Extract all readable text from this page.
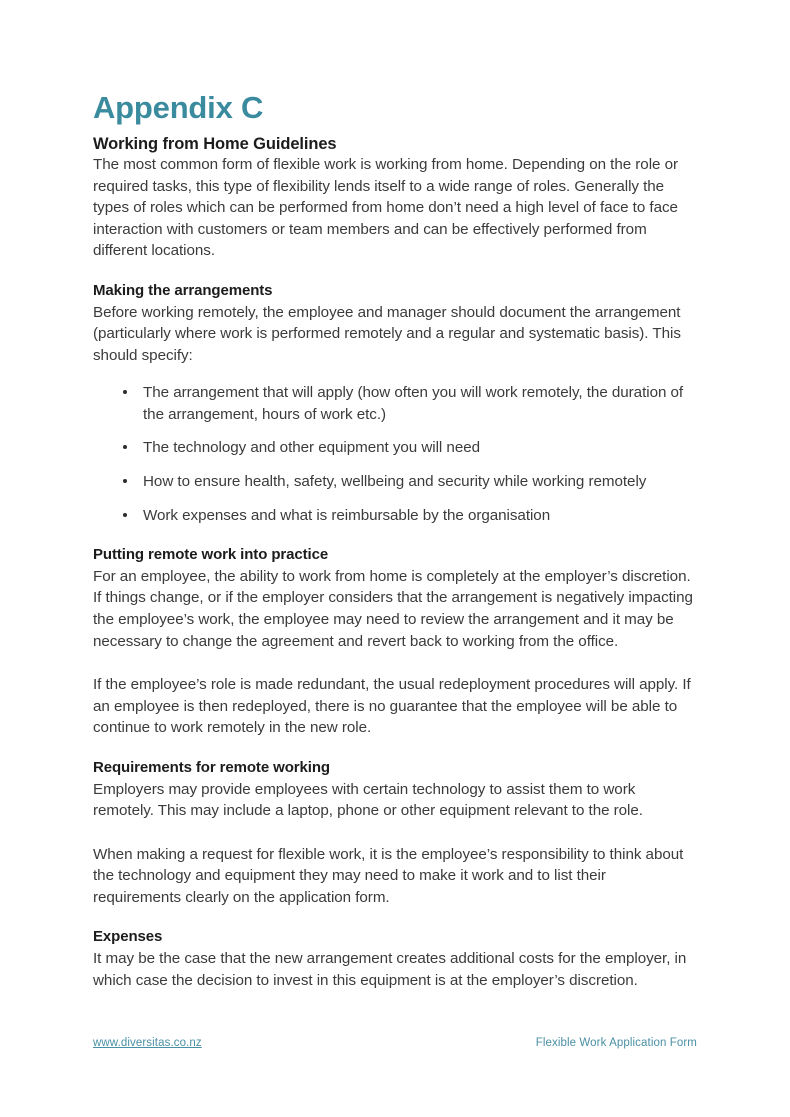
Appendix C
Working from Home Guidelines

The most common form of flexible work is working from home. Depending on the role or required tasks, this type of flexibility lends itself to a wide range of roles. Generally the types of roles which can be performed from home don’t need a high level of face to face interaction with customers or team members and can be effectively performed from different locations.

Making the arrangements

Before working remotely, the employee and manager should document the arrangement (particularly where work is performed remotely and a regular and systematic basis). This should specify:

The arrangement that will apply (how often you will work remotely, the duration of the arrangement, hours of work etc.)
The technology and other equipment you will need
How to ensure health, safety, wellbeing and security while working remotely
Work expenses and what is reimbursable by the organisation
Putting remote work into practice

For an employee, the ability to work from home is completely at the employer’s discretion. If things change, or if the employer considers that the arrangement is negatively impacting the employee’s work, the employee may need to review the arrangement and it may be necessary to change the agreement and revert back to working from the office.

If the employee’s role is made redundant, the usual redeployment procedures will apply. If an employee is then redeployed, there is no guarantee that the employee will be able to continue to work remotely in the new role.

Requirements for remote working

Employers may provide employees with certain technology to assist them to work remotely. This may include a laptop, phone or other equipment relevant to the role.

When making a request for flexible work, it is the employee’s responsibility to think about the technology and equipment they may need to make it work and to list their requirements clearly on the application form.

Expenses

It may be the case that the new arrangement creates additional costs for the employer, in which case the decision to invest in this equipment is at the employer’s discretion.

www.diversitas.co.nz	Flexible Work Application Form
